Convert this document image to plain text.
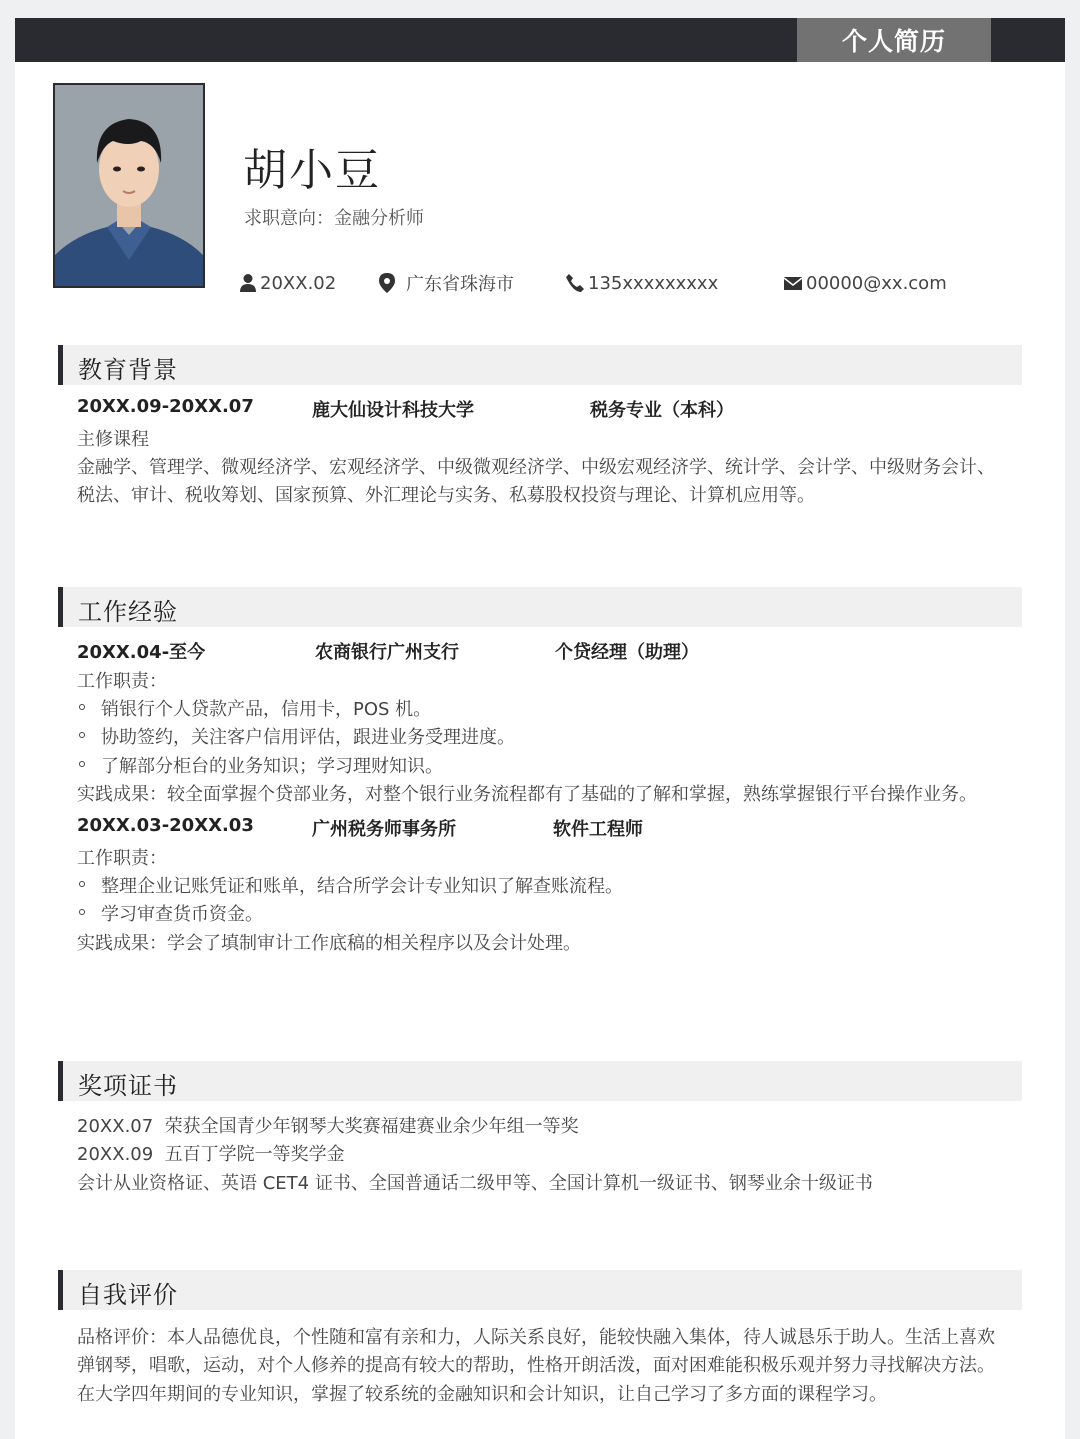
个人简历
胡小豆
求职意向：金融分析师
20XX.02	广东省珠海市	135xxxxxxxxx	00000@xx.com
教育背景
20XX.09-20XX.07	鹿大仙设计科技大学	税务专业（本科）
主修课程
金融学、管理学、微观经济学、宏观经济学、中级微观经济学、中级宏观经济学、统计学、会计学、中级财务会计、
税法、审计、税收筹划、国家预算、外汇理论与实务、私募股权投资与理论、计算机应用等。
工作经验
20XX.04-至今	农商银行广州支行	个贷经理（助理）
工作职责：
销银行个人贷款产品，信用卡，POS 机。
协助签约，关注客户信用评估，跟进业务受理进度。
了解部分柜台的业务知识；学习理财知识。
实践成果：较全面掌握个贷部业务，对整个银行业务流程都有了基础的了解和掌握，熟练掌握银行平台操作业务。
20XX.03-20XX.03	广州税务师事务所	软件工程师
工作职责：
整理企业记账凭证和账单，结合所学会计专业知识了解查账流程。
学习审查货币资金。
实践成果：学会了填制审计工作底稿的相关程序以及会计处理。
奖项证书
20XX.07  荣获全国青少年钢琴大奖赛福建赛业余少年组一等奖
20XX.09  五百丁学院一等奖学金
会计从业资格证、英语 CET4 证书、全国普通话二级甲等、全国计算机一级证书、钢琴业余十级证书
自我评价
品格评价：本人品德优良，个性随和富有亲和力，人际关系良好，能较快融入集体，待人诚恳乐于助人。生活上喜欢
弹钢琴，唱歌，运动，对个人修养的提高有较大的帮助，性格开朗活泼，面对困难能积极乐观并努力寻找解决方法。
在大学四年期间的专业知识，掌握了较系统的金融知识和会计知识，让自己学习了多方面的课程学习。
